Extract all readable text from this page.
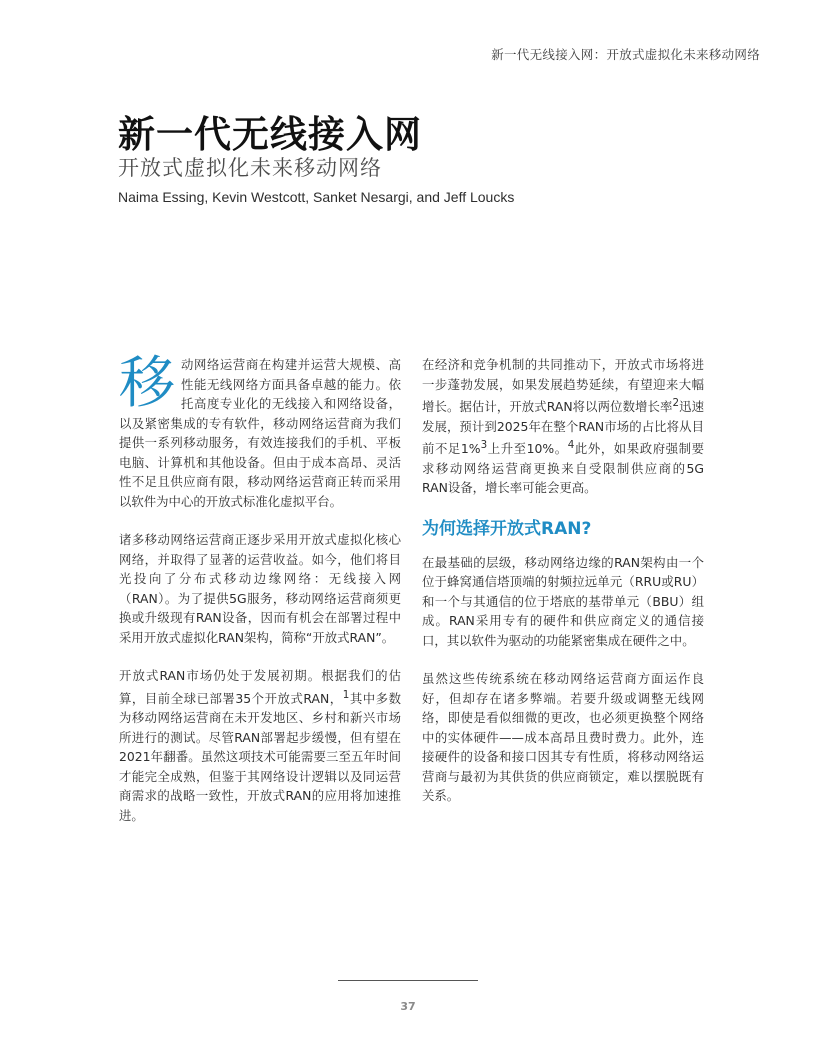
新一代无线接入网：开放式虚拟化未来移动网络
新一代无线接入网
开放式虚拟化未来移动网络
Naima Essing, Kevin Westcott, Sanket Nesargi, and Jeff Loucks

移动网络运营商在构建并运营大规模、高性能无线网络方面具备卓越的能力。依托高度专业化的无线接入和网络设备，以及紧密集成的专有软件，移动网络运营商为我们提供一系列移动服务，有效连接我们的手机、平板电脑、计算机和其他设备。但由于成本高昂、灵活性不足且供应商有限，移动网络运营商正转而采用以软件为中心的开放式标准化虚拟平台。

诸多移动网络运营商正逐步采用开放式虚拟化核心网络，并取得了显著的运营收益。如今，他们将目光投向了分布式移动边缘网络：无线接入网（RAN）。为了提供5G服务，移动网络运营商须更换或升级现有RAN设备，因而有机会在部署过程中采用开放式虚拟化RAN架构，简称“开放式RAN”。

开放式RAN市场仍处于发展初期。根据我们的估算，目前全球已部署35个开放式RAN，$^1$其中多数为移动网络运营商在未开发地区、乡村和新兴市场所进行的测试。尽管RAN部署起步缓慢，但有望在2021年翻番。虽然这项技术可能需要三至五年时间才能完全成熟，但鉴于其网络设计逻辑以及同运营商需求的战略一致性，开放式RAN的应用将加速推进。

在经济和竞争机制的共同推动下，开放式市场将进一步蓬勃发展，如果发展趋势延续，有望迎来大幅增长。据估计，开放式RAN将以两位数增长率$^2$迅速发展，预计到2025年在整个RAN市场的占比将从目前不足1%$^3$上升至10%。$^4$此外，如果政府强制要求移动网络运营商更换来自受限制供应商的5G RAN设备，增长率可能会更高。

为何选择开放式RAN?

在最基础的层级，移动网络边缘的RAN架构由一个位于蜂窝通信塔顶端的射频拉远单元（RRU或RU）和一个与其通信的位于塔底的基带单元（BBU）组成。RAN采用专有的硬件和供应商定义的通信接口，其以软件为驱动的功能紧密集成在硬件之中。

虽然这些传统系统在移动网络运营商方面运作良好，但却存在诸多弊端。若要升级或调整无线网络，即使是看似细微的更改，也必须更换整个网络中的实体硬件——成本高昂且费时费力。此外，连接硬件的设备和接口因其专有性质，将移动网络运营商与最初为其供货的供应商锁定，难以摆脱既有关系。

37
